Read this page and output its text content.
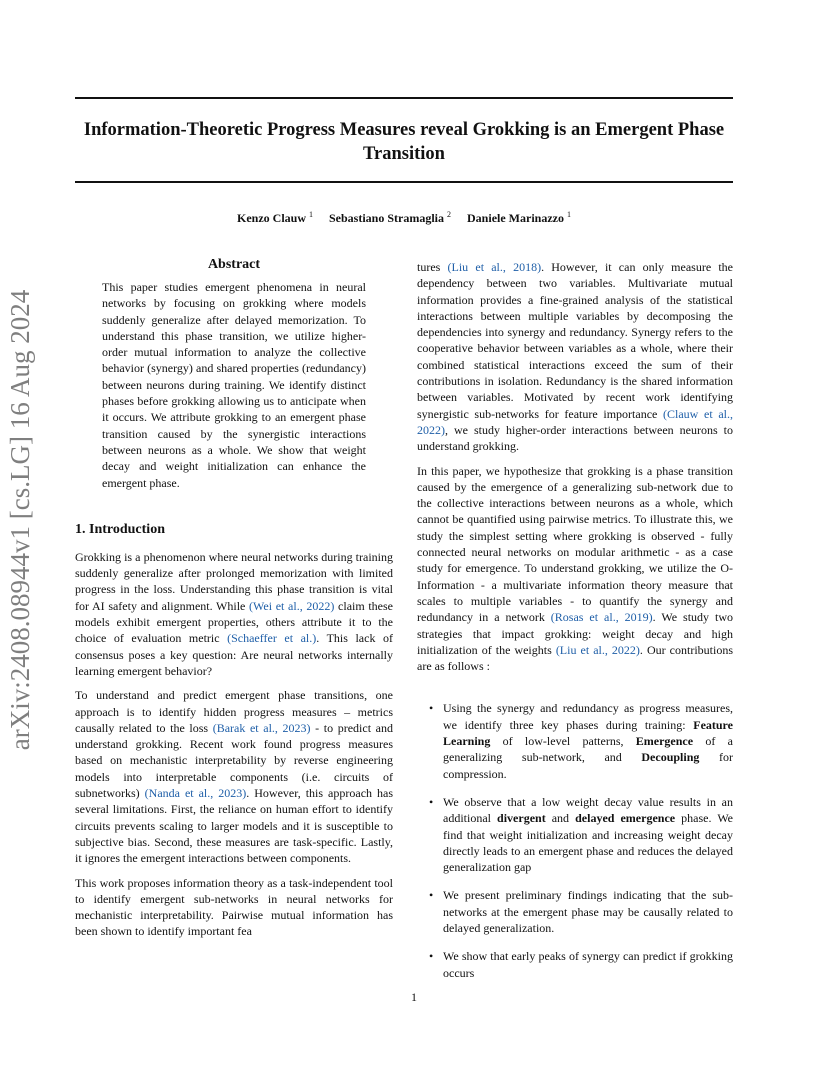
Information-Theoretic Progress Measures reveal Grokking is an Emergent Phase Transition
Kenzo Clauw $^1$ Sebastiano Stramaglia $^2$ Daniele Marinazzo $^1$
arXiv:2408.08944v1 [cs.LG] 16 Aug 2024
Abstract

This paper studies emergent phenomena in neural networks by focusing on grokking where models suddenly generalize after delayed memorization. To understand this phase transition, we utilize higher-order mutual information to analyze the collective behavior (synergy) and shared properties (redundancy) between neurons during training. We identify distinct phases before grokking allowing us to anticipate when it occurs. We attribute grokking to an emergent phase transition caused by the synergistic interactions between neurons as a whole. We show that weight decay and weight initialization can enhance the emergent phase.

1. Introduction

Grokking is a phenomenon where neural networks during training suddenly generalize after prolonged memorization with limited progress in the loss. Understanding this phase transition is vital for AI safety and alignment. While (Wei et al., 2022) claim these models exhibit emergent properties, others attribute it to the choice of evaluation metric (Schaeffer et al.). This lack of consensus poses a key question: Are neural networks internally learning emergent behavior?

To understand and predict emergent phase transitions, one approach is to identify hidden progress measures – metrics causally related to the loss (Barak et al., 2023) - to predict and understand grokking. Recent work found progress measures based on mechanistic interpretability by reverse engineering models into interpretable components (i.e. circuits of subnetworks) (Nanda et al., 2023). However, this approach has several limitations. First, the reliance on human effort to identify circuits prevents scaling to larger models and it is susceptible to subjective bias. Second, these measures are task-specific. Lastly, it ignores the emergent interactions between components.

This work proposes information theory as a task-independent tool to identify emergent sub-networks in neural networks for mechanistic interpretability. Pairwise mutual information has been shown to identify important fea

tures (Liu et al., 2018). However, it can only measure the dependency between two variables. Multivariate mutual information provides a fine-grained analysis of the statistical interactions between multiple variables by decomposing the dependencies into synergy and redundancy. Synergy refers to the cooperative behavior between variables as a whole, where their combined statistical interactions exceed the sum of their contributions in isolation. Redundancy is the shared information between variables. Motivated by recent work identifying synergistic sub-networks for feature importance (Clauw et al., 2022), we study higher-order interactions between neurons to understand grokking.

In this paper, we hypothesize that grokking is a phase transition caused by the emergence of a generalizing sub-network due to the collective interactions between neurons as a whole, which cannot be quantified using pairwise metrics. To illustrate this, we study the simplest setting where grokking is observed - fully connected neural networks on modular arithmetic - as a case study for emergence. To understand grokking, we utilize the O-Information - a multivariate information theory measure that scales to multiple variables - to quantify the synergy and redundancy in a network (Rosas et al., 2019). We study two strategies that impact grokking: weight decay and high initialization of the weights (Liu et al., 2022). Our contributions are as follows :

• Using the synergy and redundancy as progress measures, we identify three key phases during training: Feature Learning of low-level patterns, Emergence of a generalizing sub-network, and Decoupling for compression.
• We observe that a low weight decay value results in an additional divergent and delayed emergence phase. We find that weight initialization and increasing weight decay directly leads to an emergent phase and reduces the delayed generalization gap
• We present preliminary findings indicating that the sub-networks at the emergent phase may be causally related to delayed generalization.
• We show that early peaks of synergy can predict if grokking occurs
1
